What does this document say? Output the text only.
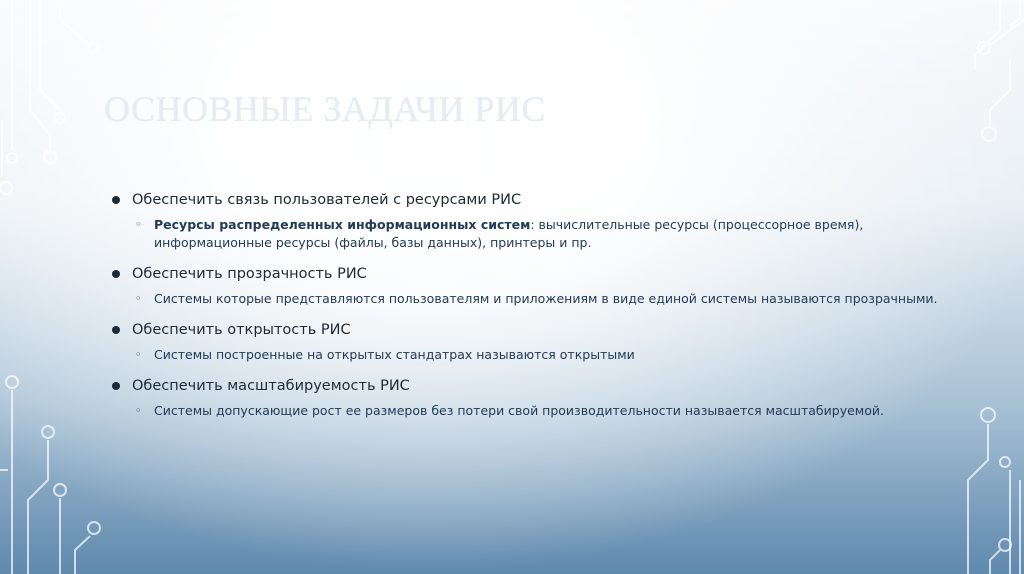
ОСНОВНЫЕ ЗАДАЧИ РИС
Обеспечить связь пользователей с ресурсами РИС
◦ Ресурсы распределенных информационных систем: вычислительные ресурсы (процессорное время), информационные ресурсы (файлы, базы данных), принтеры и пр.
Обеспечить прозрачность РИС
◦ Системы которые представляются пользователям и приложениям в виде единой системы называются прозрачными.
Обеспечить открытость РИС
◦ Системы построенные на открытых стандатрах называются открытыми
Обеспечить масштабируемость РИС
◦ Системы допускающие рост ее размеров без потери свой производительности называется масштабируемой.
